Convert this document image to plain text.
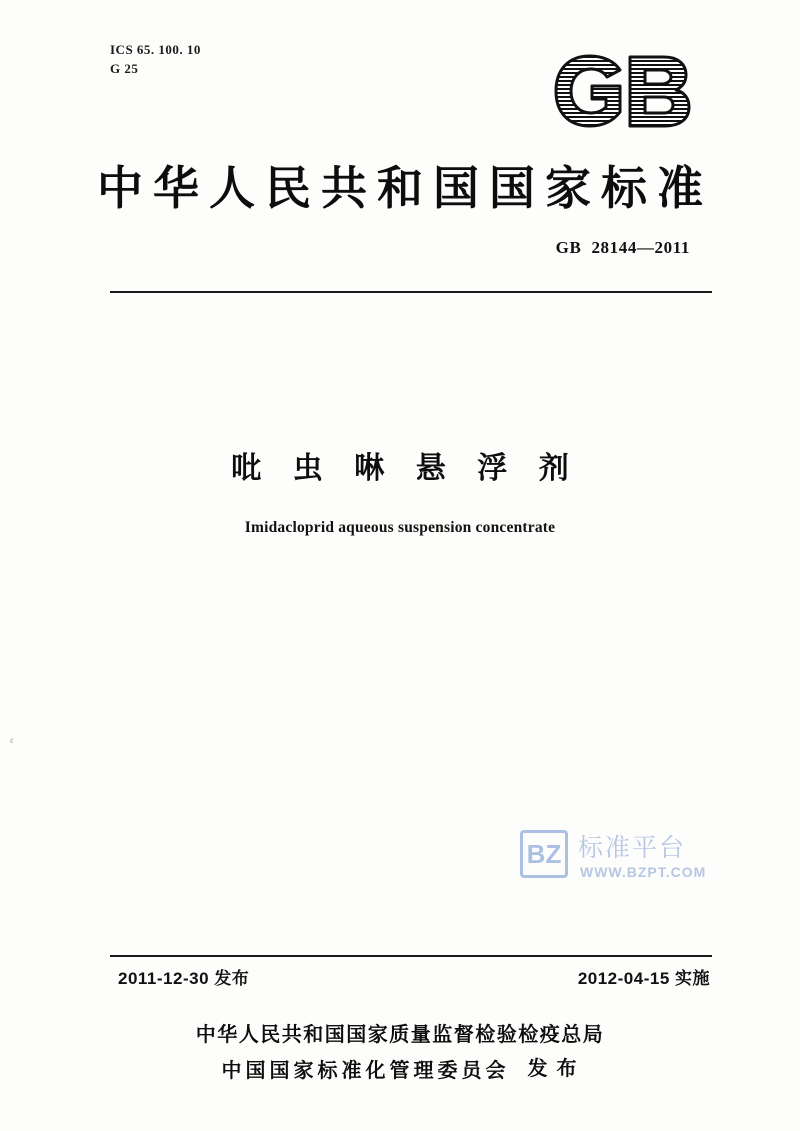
ICS 65. 100. 10
G 25
中华人民共和国国家标准
GB 28144—2011
吡 虫 啉 悬 浮 剂
Imidacloprid aqueous suspension concentrate
ε
BZ 标准平台
WWW.BZPT.COM
2011-12-30 发布	2012-04-15 实施
中华人民共和国国家质量监督检验检疫总局
中国国家标准化管理委员会 发 布
